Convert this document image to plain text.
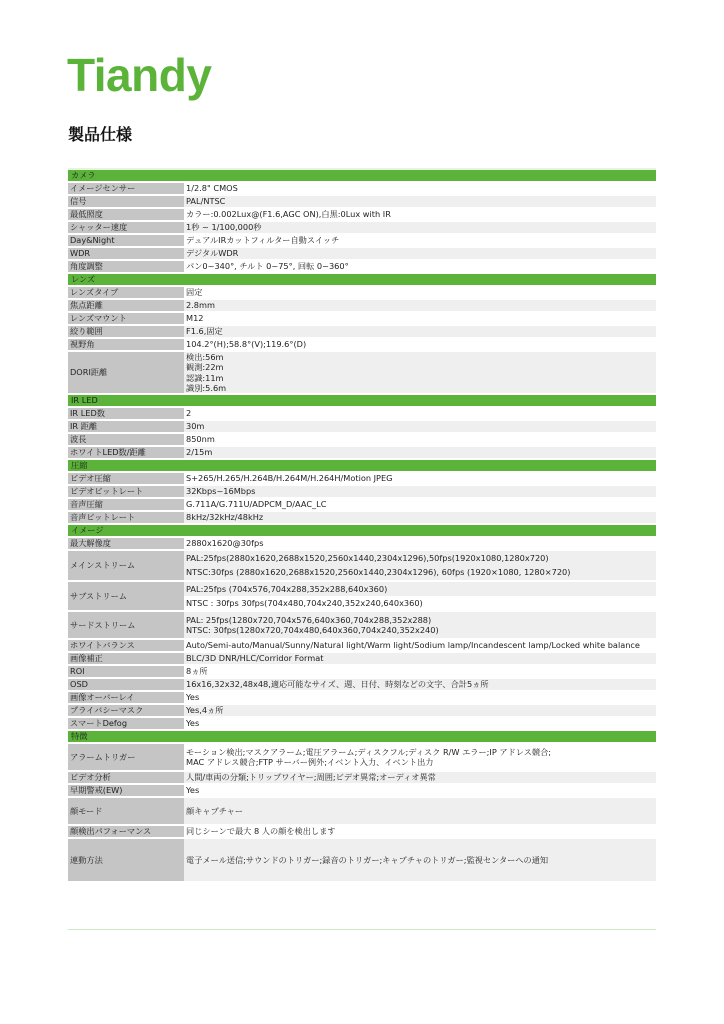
Tiandy
製品仕様
カメラ	
イメージセンサー	1/2.8" CMOS
信号	PAL/NTSC
最低照度	カラー:0.002Lux@(F1.6,AGC ON),白黒:0Lux with IR
シャッター速度	1秒 ~ 1/100,000秒
Day&Night	デュアルIRカットフィルター自動スイッチ
WDR	デジタルWDR
角度調整	パン0~340°, チルト 0~75°, 回転 0~360°
レンズ	
レンズタイプ	固定
焦点距離	2.8mm
レンズマウント	M12
絞り範囲	F1.6,固定
視野角	104.2°(H);58.8°(V);119.6°(D)
DORI距離	検出:56m
観測:22m
認識:11m
識別:5.6m

IR LED	
IR LED数	2
IR 距離	30m
波長	850nm
ホワイトLED数/距離	2/15m
圧縮	
ビデオ圧縮	S+265/H.265/H.264B/H.264M/H.264H/Motion JPEG
ビデオビットレート	32Kbps~16Mbps
音声圧縮	G.711A/G.711U/ADPCM_D/AAC_LC
音声ビットレート	8kHz/32kHz/48kHz
イメージ	
最大解像度	2880x1620@30fps
メインストリーム	PAL:25fps(2880x1620,2688x1520,2560x1440,2304x1296),50fps(1920x1080,1280x720)
NTSC:30fps (2880x1620,2688x1520,2560x1440,2304x1296), 60fps (1920×1080, 1280×720)

サブストリーム	PAL:25fps (704x576,704x288,352x288,640x360)
NTSC : 30fps 30fps(704x480,704x240,352x240,640x360)

サードストリーム	PAL: 25fps(1280x720,704x576,640x360,704x288,352x288)
NTSC: 30fps(1280x720,704x480,640x360,704x240,352x240)

ホワイトバランス	Auto/Semi-auto/Manual/Sunny/Natural light/Warm light/Sodium lamp/Incandescent lamp/Locked white balance
画像補正	BLC/3D DNR/HLC/Corridor Format
ROI	8ヵ所
OSD	16x16,32x32,48x48,適応可能なサイズ、週、日付、時刻などの文字、合計5ヵ所
画像オーバーレイ	Yes
プライバシーマスク	Yes,4ヵ所
スマートDefog	Yes
特徴	
アラームトリガー	モーション検出;マスクアラーム;電圧アラーム;ディスクフル;ディスク R/W エラー;IP アドレス競合;
MAC アドレス競合;FTP サーバー例外;イベント入力、イベント出力

ビデオ分析	人間/車両の分類;トリップワイヤー;周囲;ビデオ異常;オーディオ異常
早期警戒(EW)	Yes
顔モード	顔キャプチャー
顔検出パフォーマンス	同じシーンで最大 8 人の顔を検出します
連動方法	電子メール送信;サウンドのトリガー;録音のトリガー;キャプチャのトリガー;監視センターへの通知
